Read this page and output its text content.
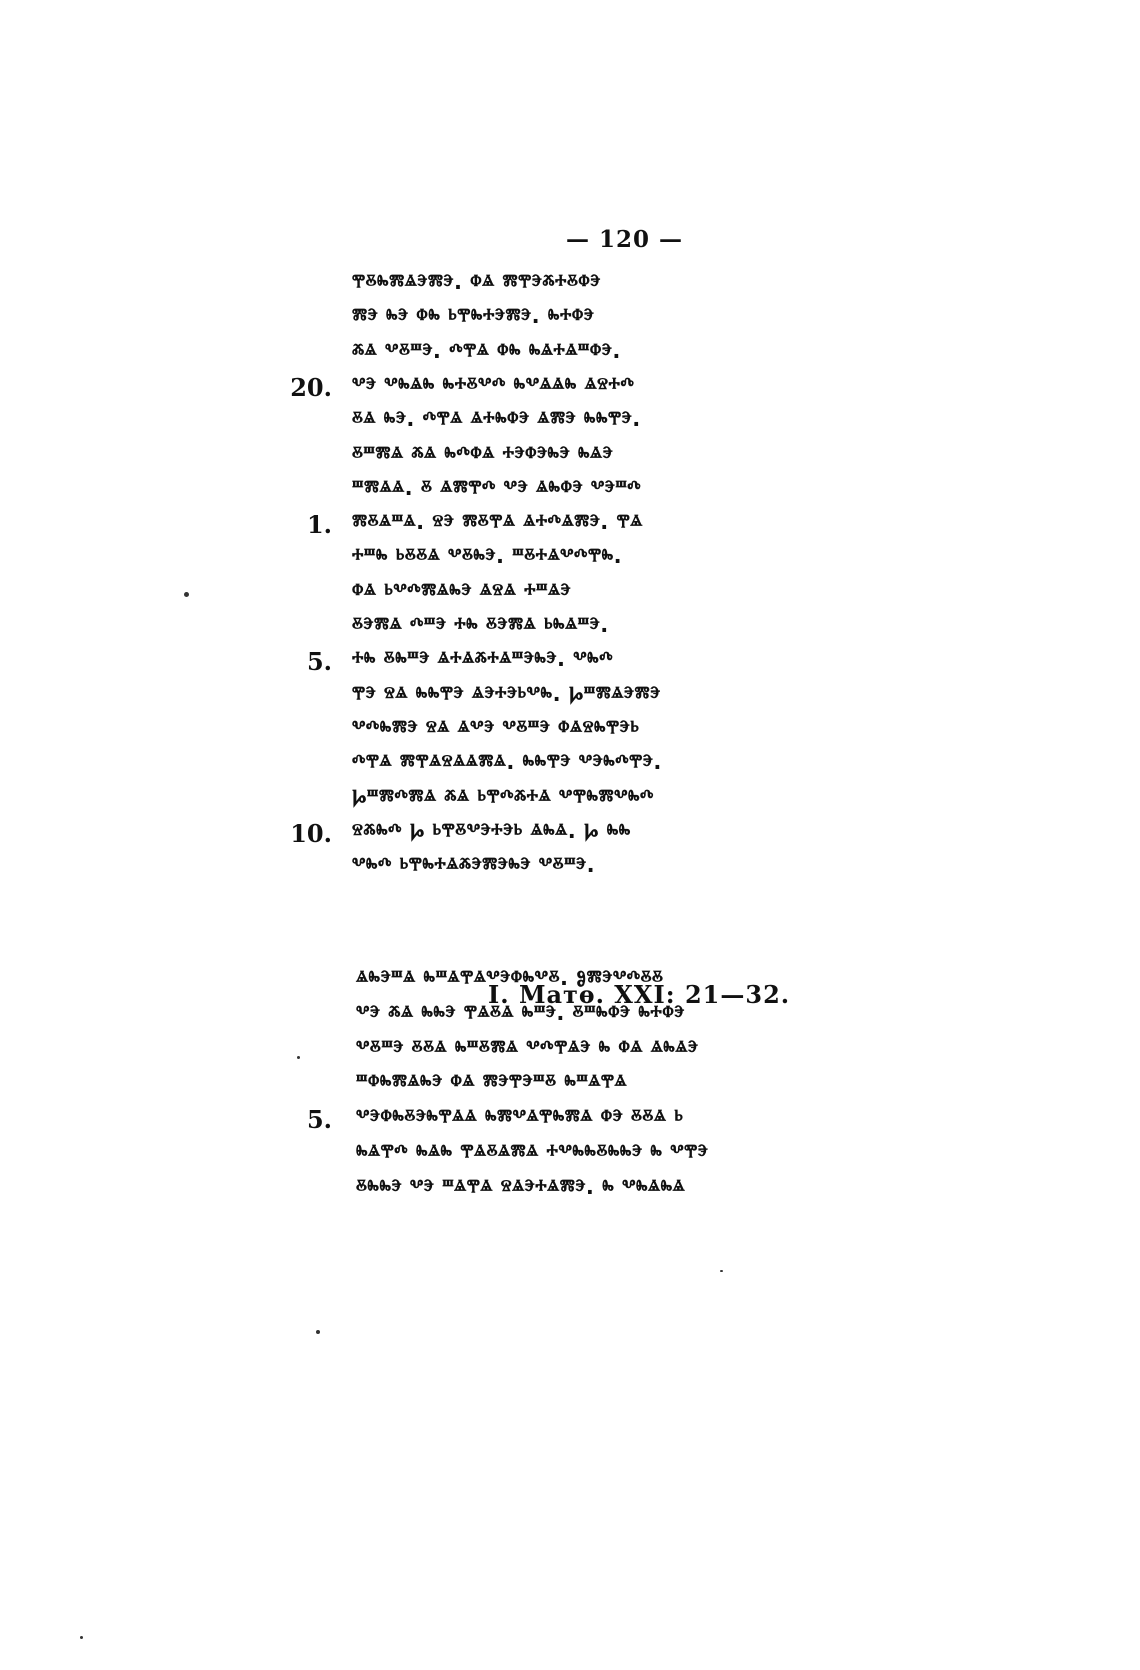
— 120 —
ⰹⰻⰸⰿⱑⰵⰿⰵ. ⱇⱑ ⰿⰹⰵⰶⰰⰻⱇⰵ
ⰿⰵ ⰸⰵ ⱇⰸ ⱃⰹⰸⰰⰵⰿⰵ. ⰸⰰⱇⰵ
ⰶⱑ ⰲⰻⱎⰵ. ⰴⰹⱑ ⱇⰸ ⰸⱑⰰⱑⱎⱇⰵ.
20. ⰲⰵ ⰲⰸⱑⰸ ⰸⰰⰻⰲⰴ ⰸⰲⱑⱑⰸ ⱑⱄⰰⰴ
ⰻⱑ ⰸⰵ. ⰴⰹⱑ ⱑⰰⰸⱇⰵ ⱑⰿⰵ ⰸⰸⰹⰵ.
ⰻⱎⰿⱑ ⰶⱑ ⰸⰴⱇⱑ ⰰⰵⱇⰵⰸⰵ ⰸⱑⰵ
ⱎⰿⱑⱑ. ⰻ ⱑⰿⰹⰴ ⰲⰵ ⱑⰸⱇⰵ ⰲⰵⱎⰴ
1. ⰿⰻⱑⱎⱑ. ⱄⰵ ⰿⰻⰹⱑ ⱑⰰⰴⱑⰿⰵ. ⰹⱑ
ⰰⱎⰸ ⱃⰻⰻⱑ ⰲⰻⰸⰵ. ⱎⰻⰰⱑⰲⰴⰹⰸ.
ⱇⱑ ⱃⰲⰴⰿⱑⰸⰵ ⱑⱄⱑ ⰰⱎⱑⰵ
ⰻⰵⰿⱑ ⰴⱎⰵ ⰰⰸ ⰻⰵⰿⱑ ⱃⰸⱑⱎⰵ.
5. ⰰⰸ ⰻⰸⱎⰵ ⱑⰰⱑⰶⰰⱑⱎⰵⰸⰵ. ⰲⰸⰴ
ⰹⰵ ⱄⱑ ⰸⰸⰹⰵ ⱑⰵⰰⰵⱃⰲⰸ. Ⱈⱎⰿⱑⰵⰿⰵ
ⰲⰴⰸⰿⰵ ⱄⱑ ⱑⰲⰵ ⰲⰻⱎⰵ ⱇⱑⱄⰸⰹⰵⱃ
ⰴⰹⱑ ⰿⰹⱑⱄⱑⱑⰿⱑ. ⰸⰸⰹⰵ ⰲⰵⰸⰴⰹⰵ.
Ⱈⱎⰿⰴⰿⱑ ⰶⱑ ⱃⰹⰴⰶⰰⱑ ⰲⰹⰸⰿⰲⰸⰴ
10. ⱄⰶⰸⰴ Ⱈ ⱃⰹⰻⰲⰵⰰⰵⱃ ⱑⰸⱑ. Ⱈ ⰸⰸ
ⰲⰸⰴ ⱃⰹⰸⰰⱑⰶⰵⰿⰵⰸⰵ ⰲⰻⱎⰵ.
I. Матѳ. XXI: 21—32.
ⱑⰸⰵⱎⱑ ⰸⱎⱑⰹⱑⰲⰵⱇⰸⰲⰻ. Ⱁⰿⰵⰲⰴⰻⰻ
ⰲⰵ ⰶⱑ ⰸⰸⰵ ⰹⱑⰻⱑ ⰸⱎⰵ. ⰻⱎⰸⱇⰵ ⰸⰰⱇⰵ
ⰲⰻⱎⰵ ⰻⰻⱑ ⰸⱎⰻⰿⱑ ⰲⰴⰹⱑⰵ ⰸ ⱇⱑ ⱑⰸⱑⰵ
ⱎⱇⰸⰿⱑⰸⰵ ⱇⱑ ⰿⰵⰹⰵⱎⰻ ⰸⱎⱑⰹⱑ
5. ⰲⰵⱇⰸⰻⰵⰸⰹⱑⱑ ⰸⰿⰲⱑⰹⰸⰿⱑ ⱇⰵ ⰻⰻⱑ ⱃ
ⰸⱑⰹⰴ ⰸⱑⰸ ⰹⱑⰻⱑⰿⱑ ⰰⰲⰸⰸⰻⰸⰸⰵ ⰸ ⰲⰹⰵ
ⰻⰸⰸⰵ ⰲⰵ ⱎⱑⰹⱑ ⱄⱑⰵⰰⱑⰿⰵ. ⰸ ⰲⰸⱑⰸⱑ
